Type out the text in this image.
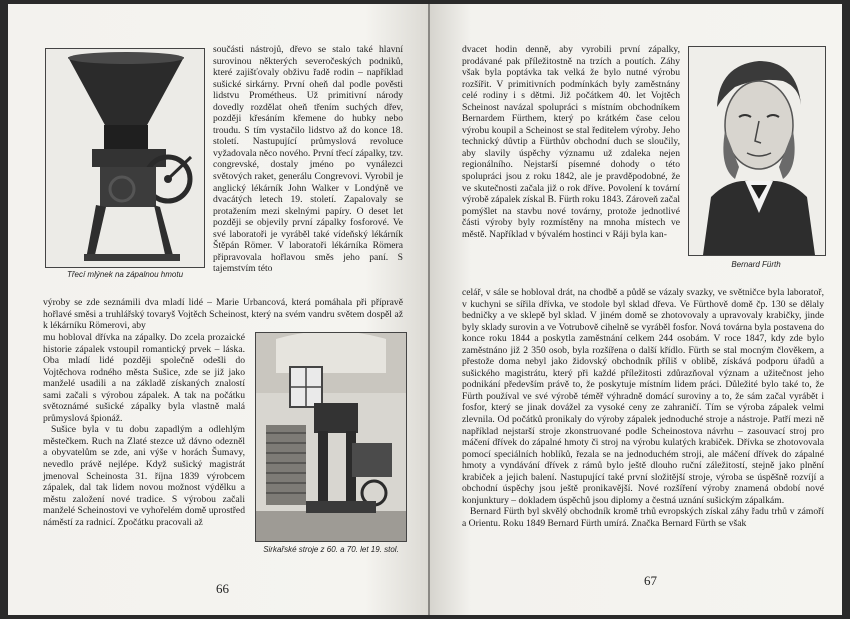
Třecí mlýnek na zápalnou hmotu

součásti nástrojů, dřevo se stalo také hlavní surovinou některých severočeských podniků, které zajišťovaly obživu řadě rodin – například sušické sirkárny. První oheň dal podle pověsti lidstvu Prométheus. Už primitivní národy dovedly rozdělat oheň třením suchých dřev, později křesáním křemene do hubky nebo troudu. S tím vystačilo lidstvo až do konce 18. století. Nastupující průmyslová revoluce vyžadovala něco nového. První třecí zápalky, tzv. congrevské, dostaly jméno po vynálezci světových raket, generálu Congrevovi. Vyrobil je anglický lékárník John Walker v Londýně ve dvacátých letech 19. století. Zapalovaly se protažením mezi skelnými papíry. O deset let později se objevily první zápalky fosforové. Ve své laboratoři je vyráběl také vídeňský lékárník Štěpán Römer. V laboratoři lékárníka Römera připravovala hořlavou směs jeho paní. S tajemstvím této

výroby se zde seznámili dva mladí lidé – Marie Urbancová, která pomáhala při přípravě hořlavé směsi a truhlářský tovaryš Vojtěch Scheinost, který na svém vandru světem dospěl až k lékárníku Römerovi, aby

mu hobloval dřívka na zápalky. Do zcela prozaické historie zápalek vstoupil romantický prvek – láska. Oba mladí lidé později společně odešli do Vojtěchova rodného města Sušice, zde se již jako manželé usadili a na základě získaných znalostí sami začali s výrobou zápalek. A tak na počátku světoznámé sušické zápalky byla vlastně malá průmyslová špionáž.

Sušice byla v tu dobu zapadlým a odlehlým městečkem. Ruch na Zlaté stezce už dávno odezněl a obyvatelům se zde, ani výše v horách Šumavy, nevedlo právě nejlépe. Když sušický magistrát jmenoval Scheinosta 31. října 1839 výrobcem zápalek, dal tak lidem novou možnost výdělku a městu založení nové tradice. S výrobou začali manželé Scheinostovi ve vyhořelém domě uprostřed náměstí za radnicí. Zpočátku pracovali až

Sirkařské stroje z 60. a 70. let 19. stol.
66

dvacet hodin denně, aby vyrobili první zápalky, prodávané pak příležitostně na trzích a poutích. Záhy však byla poptávka tak velká že bylo nutné výrobu rozšířit. V primitivních podmínkách byly zaměstnány celé rodiny i s dětmi. Již počátkem 40. let Vojtěch Scheinost navázal spolupráci s místním obchodníkem Bernardem Fürthem, který po krátkém čase celou výrobu koupil a Scheinost se stal ředitelem výroby. Jeho technický důvtip a Fürthův obchodní duch se sloučily, aby slavily úspěchy významu už zdaleka nejen regionálního. Nejstarší písemné dohody o této spolupráci jsou z roku 1842, ale je pravděpodobné, že ve skutečnosti začala již o rok dříve. Povolení k tovární výrobě zápalek získal B. Fürth roku 1843. Zároveň začal pomýšlet na stavbu nové továrny, protože jednotlivé části výroby byly rozmístěny na mnoha místech ve městě. Například v bývalém hostinci v Ráji byla kan-

Bernard Fürth

celář, v sále se hobloval drát, na chodbě a půdě se vázaly svazky, ve světničce byla laboratoř, v kuchyni se sířila dřívka, ve stodole byl sklad dřeva. Ve Fürthově domě čp. 130 se dělaly bedničky a ve sklepě byl sklad. V jiném domě se zhotovovaly a upravovaly krabičky, jinde byly sklady surovin a ve Votrubově cihelně se vyráběl fosfor. Nová továrna byla postavena do konce roku 1844 a poskytla zaměstnání celkem 244 osobám. V roce 1847, kdy zde bylo zaměstnáno již 2 350 osob, byla rozšířena o další křídlo. Fürth se stal mocným člověkem, a přestože doma nebyl jako židovský obchodník příliš v oblibě, získává podporu úřadů a sušického magistrátu, který při každé příležitosti zdůrazňoval význam a užitečnost jeho podnikání především právě to, že poskytuje místním lidem práci. Důležité bylo také to, že Fürth používal ve své výrobě téměř výhradně domácí suroviny a to, že sám začal vyrábět i fosfor, který se jinak dovážel za vysoké ceny ze zahraničí. Tím se výroba zápalek velmi zlevnila. Od počátků pronikaly do výroby zápalek jednoduché stroje a nástroje. Patří mezi ně například nejstarší stroje zkonstruované podle Scheinostova návrhu – zasouvací stroj pro máčení dřívek do zápalné hmoty či stroj na výrobu kulatých krabiček. Dřívka se zhotovovala pomocí speciálních hoblíků, řezala se na jednoduchém stroji, ale máčení dřívek do zápalné hmoty a vyndávání dřívek z rámů bylo ještě dlouho ruční záležitostí, stejně jako plnění krabiček a jejich balení. Nastupující také první složitější stroje, výroba se úspěšně rozvíjí a obchodní úspěchy jsou ještě pronikavější. Nové rozšíření výroby znamená období nové konjunktury – dokladem úspěchů jsou diplomy a čestná uznání sušickým zápalkám.

Bernard Fürth byl skvělý obchodník kromě trhů evropských získal záhy řadu trhů v zámoří a Orientu. Roku 1849 Bernard Fürth umírá. Značka Bernard Fürth se však

67
